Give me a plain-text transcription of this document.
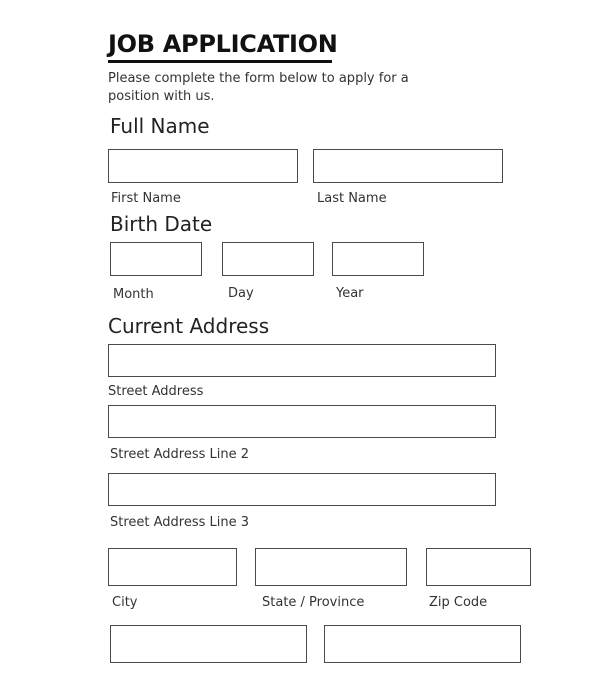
JOB APPLICATION
Please complete the form below to apply for a position with us.
Full Name
First Name	Last Name
Birth Date
Month	Day	Year
Current Address
Street Address
Street Address Line 2
Street Address Line 3
City	State / Province	Zip Code
